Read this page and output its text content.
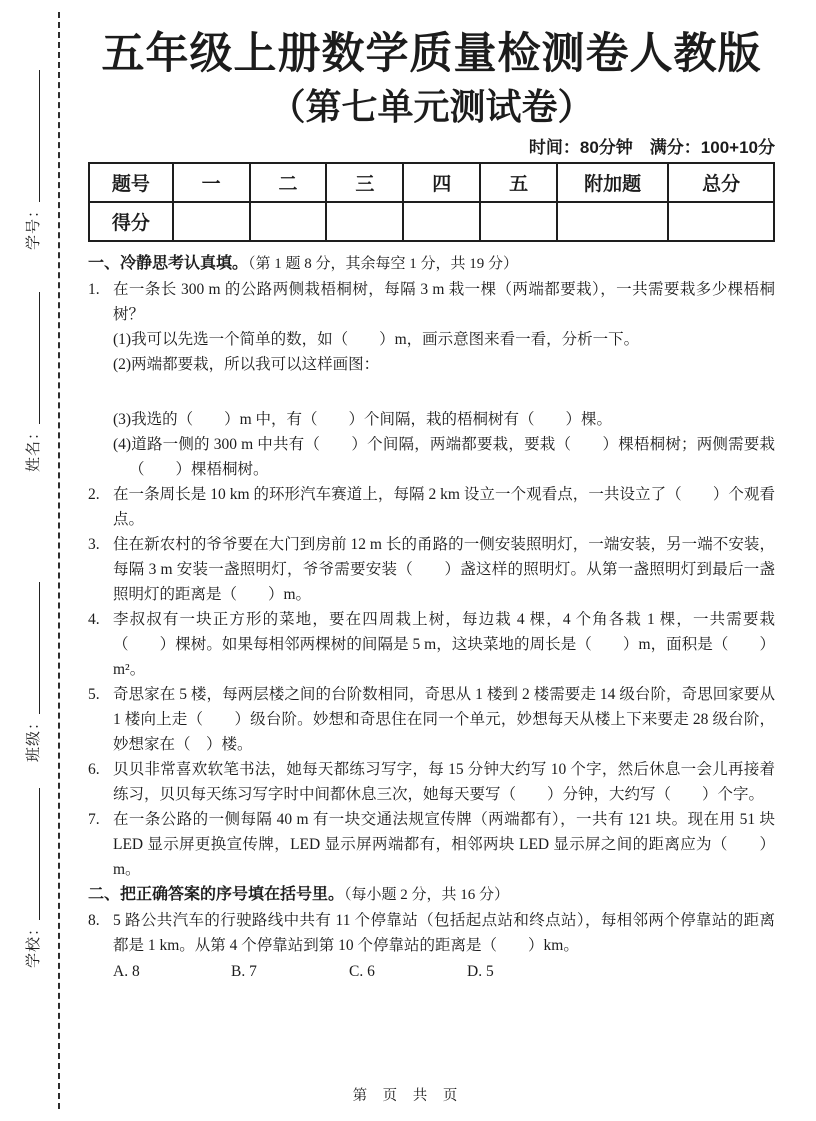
学号：
姓名：
班级：
学校：
五年级上册数学质量检测卷人教版
（第七单元测试卷）
时间：80分钟　满分：100+10分
题号	一	二	三	四	五	附加题	总分
得分							
一、冷静思考认真填。（第 1 题 8 分，其余每空 1 分，共 19 分）
1. 在一条长 300 m 的公路两侧栽梧桐树，每隔 3 m 栽一棵（两端都要栽），一共需要栽多少棵梧桐树？
(1)我可以先选一个简单的数，如（　　）m，画示意图来看一看，分析一下。
(2)两端都要栽，所以我可以这样画图：
(3)我选的（　　）m 中，有（　　）个间隔，栽的梧桐树有（　　）棵。
(4)道路一侧的 300 m 中共有（　　）个间隔，两端都要栽，要栽（　　）棵梧桐树；两侧需要栽（　　）棵梧桐树。
2. 在一条周长是 10 km 的环形汽车赛道上，每隔 2 km 设立一个观看点，一共设立了（　　）个观看点。
3. 住在新农村的爷爷要在大门到房前 12 m 长的甬路的一侧安装照明灯，一端安装，另一端不安装，每隔 3 m 安装一盏照明灯，爷爷需要安装（　　）盏这样的照明灯。从第一盏照明灯到最后一盏照明灯的距离是（　　）m。
4. 李叔叔有一块正方形的菜地，要在四周栽上树，每边栽 4 棵，4 个角各栽 1 棵，一共需要栽（　　）棵树。如果每相邻两棵树的间隔是 5 m，这块菜地的周长是（　　）m，面积是（　　）m²。
5. 奇思家在 5 楼，每两层楼之间的台阶数相同，奇思从 1 楼到 2 楼需要走 14 级台阶，奇思回家要从 1 楼向上走（　　）级台阶。妙想和奇思住在同一个单元，妙想每天从楼上下来要走 28 级台阶，妙想家在（　）楼。
6. 贝贝非常喜欢软笔书法，她每天都练习写字，每 15 分钟大约写 10 个字，然后休息一会儿再接着练习，贝贝每天练习写字时中间都休息三次，她每天要写（　　）分钟，大约写（　　）个字。
7. 在一条公路的一侧每隔 40 m 有一块交通法规宣传牌（两端都有），一共有 121 块。现在用 51 块 LED 显示屏更换宣传牌，LED 显示屏两端都有，相邻两块 LED 显示屏之间的距离应为（　　）m。
二、把正确答案的序号填在括号里。（每小题 2 分，共 16 分）
8. 5 路公共汽车的行驶路线中共有 11 个停靠站（包括起点站和终点站），每相邻两个停靠站的距离都是 1 km。从第 4 个停靠站到第 10 个停靠站的距离是（　　）km。
A. 8	B. 7	C. 6	D. 5
第 页 共 页
